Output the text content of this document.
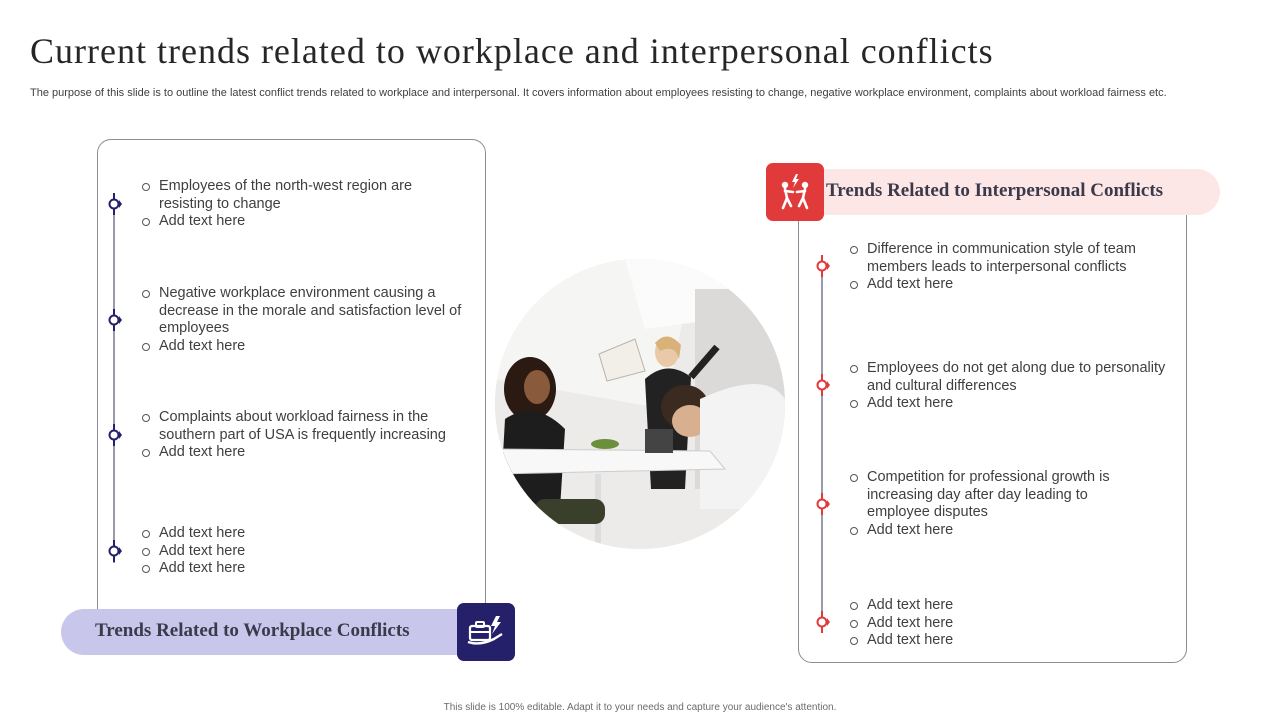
Current trends related to workplace and interpersonal conflicts
The purpose of this slide is to outline the latest conflict trends related to workplace and interpersonal. It covers information about employees resisting to change, negative workplace environment, complaints about workload fairness etc.
Employees of the north-west region are resisting to change
Add text here
Negative workplace environment causing a decrease in the morale and satisfaction level of employees
Add text here
Complaints about workload fairness in the southern part of USA is frequently increasing
Add text here
Add text here
Add text here
Add text here
Trends Related to Workplace Conflicts
Difference in communication style of team members leads to interpersonal conflicts
Add text here
Employees do not get along due to personality and cultural differences
Add text here
Competition for professional growth is increasing day after day leading to employee disputes
Add text here
Add text here
Add text here
Add text here
Trends Related to Interpersonal Conflicts
This slide is 100% editable. Adapt it to your needs and capture your audience's attention.
